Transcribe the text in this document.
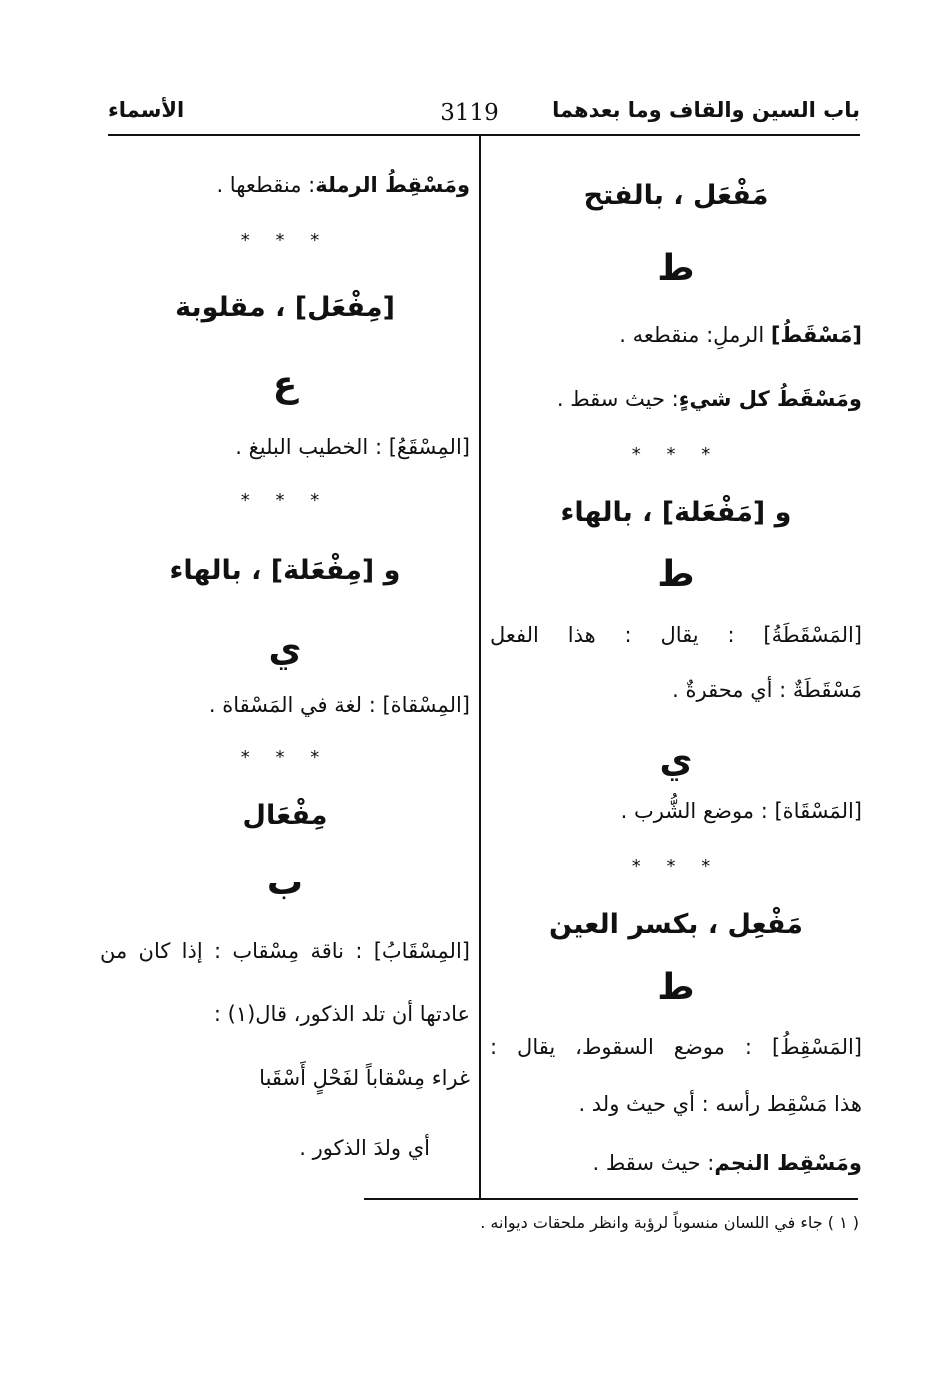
باب السين والقاف وما بعدهما
3119
الأسماء
مَفْعَل ، بالفتح
ط
[مَسْقَطُ] الرملِ: منقطعه .
ومَسْقَطُ كل شيءٍ: حيث سقط .
* * *
و [مَفْعَلة] ، بالهاء
ط
[المَسْقَطَةُ] : يقال : هذا الفعل
مَسْقَطَةٌ : أي محقرةٌ .
ي
[المَسْقَاة] : موضع الشُّرب .
* * *
مَفْعِل ، بكسر العين
ط
[المَسْقِطُ] : موضع السقوط، يقال :
هذا مَسْقِط رأسه : أي حيث ولد .
ومَسْقِط النجم: حيث سقط .
ومَسْقِطُ الرملة: منقطعها .
* * *
[مِفْعَل] ، مقلوبة
ع
[المِسْقَعُ] : الخطيب البليغ .
* * *
و [مِفْعَلة] ، بالهاء
ي
[المِسْقاة] : لغة في المَسْقاة .
* * *
مِفْعَال
ب
[المِسْقَابُ] : ناقة مِسْقاب : إذا كان من
عادتها أن تلد الذكور، قال(١) :
غراء مِسْقاباً لفَحْلٍ أَسْقَبا
أي ولدَ الذكور .
( ١ ) جاء في اللسان منسوباً لرؤبة وانظر ملحقات ديوانه .
